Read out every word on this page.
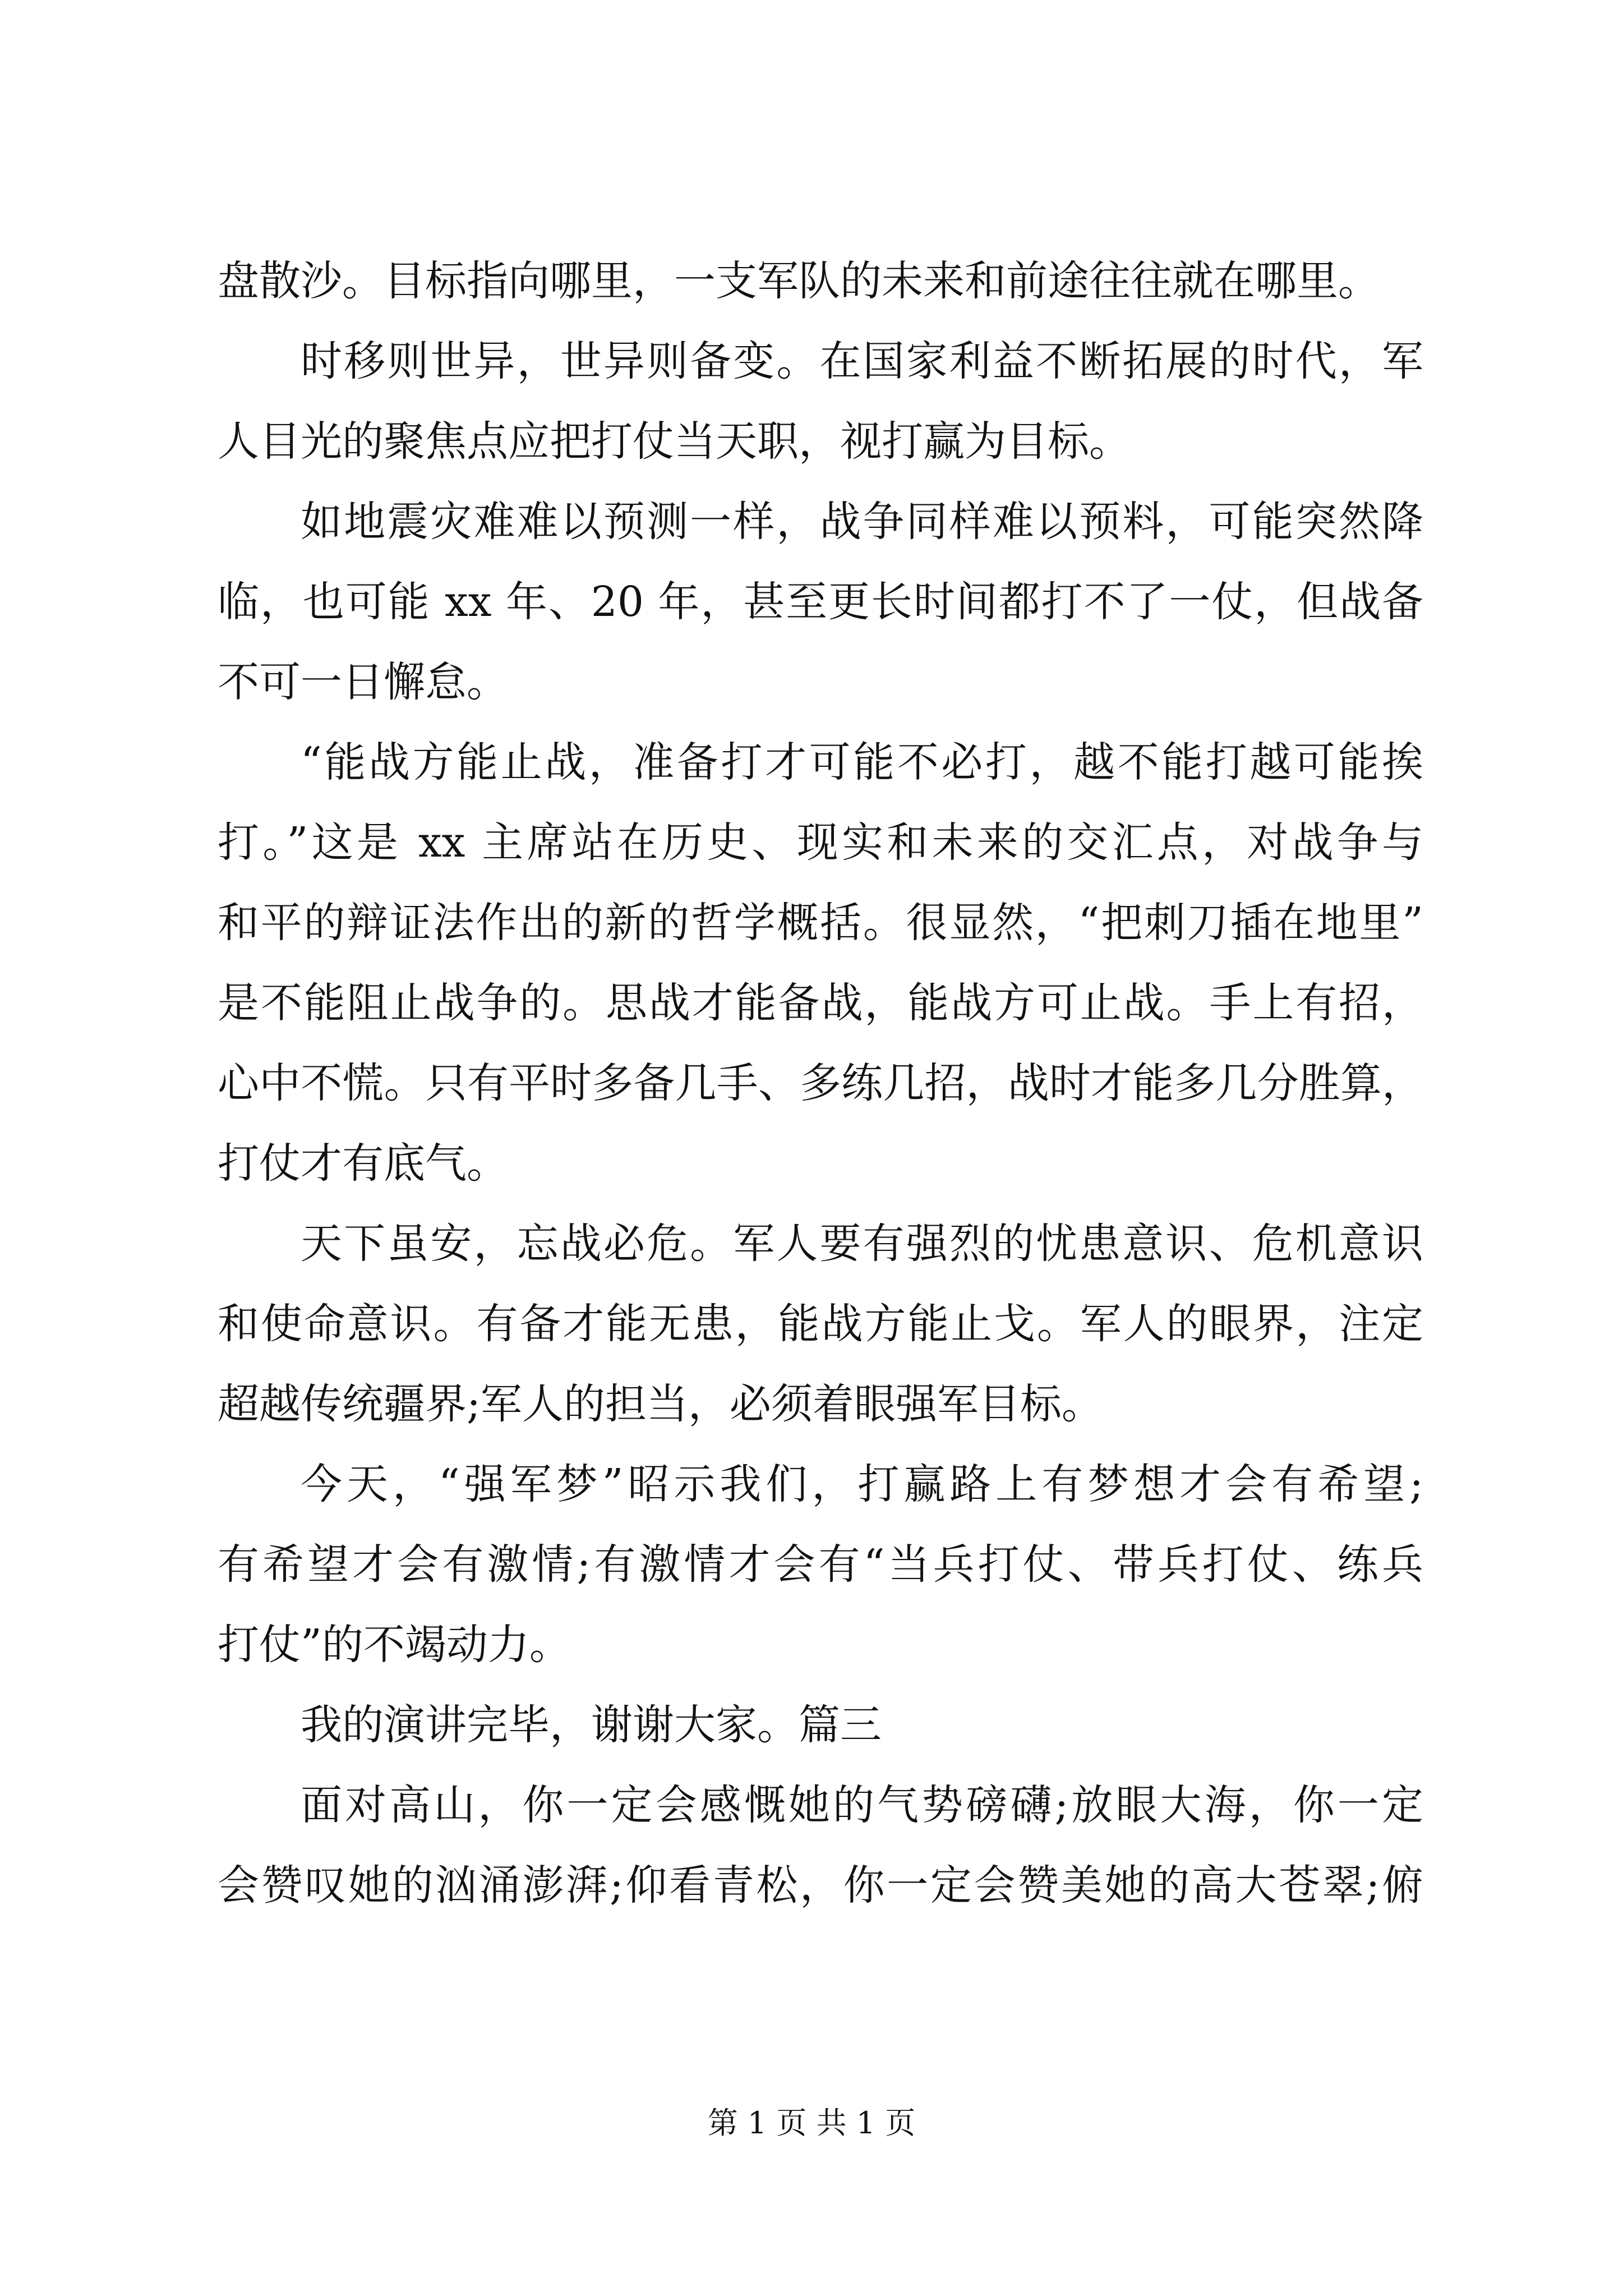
盘散沙。目标指向哪里，一支军队的未来和前途往往就在哪里。
时移则世异，世异则备变。在国家利益不断拓展的时代，军
人目光的聚焦点应把打仗当天职，视打赢为目标。
如地震灾难难以预测一样，战争同样难以预料，可能突然降
临，也可能 xx 年、20 年，甚至更长时间都打不了一仗，但战备
不可一日懈怠。
“能战方能止战，准备打才可能不必打，越不能打越可能挨
打。”这是 xx 主席站在历史、现实和未来的交汇点，对战争与
和平的辩证法作出的新的哲学概括。很显然，“把刺刀插在地里”
是不能阻止战争的。思战才能备战，能战方可止战。手上有招，
心中不慌。只有平时多备几手、多练几招，战时才能多几分胜算，
打仗才有底气。
天下虽安，忘战必危。军人要有强烈的忧患意识、危机意识
和使命意识。有备才能无患，能战方能止戈。军人的眼界，注定
超越传统疆界;军人的担当，必须着眼强军目标。
今天，“强军梦”昭示我们，打赢路上有梦想才会有希望;
有希望才会有激情;有激情才会有“当兵打仗、带兵打仗、练兵
打仗”的不竭动力。
我的演讲完毕，谢谢大家。篇三
面对高山，你一定会感慨她的气势磅礴;放眼大海，你一定
会赞叹她的汹涌澎湃;仰看青松，你一定会赞美她的高大苍翠;俯
第 1 页 共 1 页
